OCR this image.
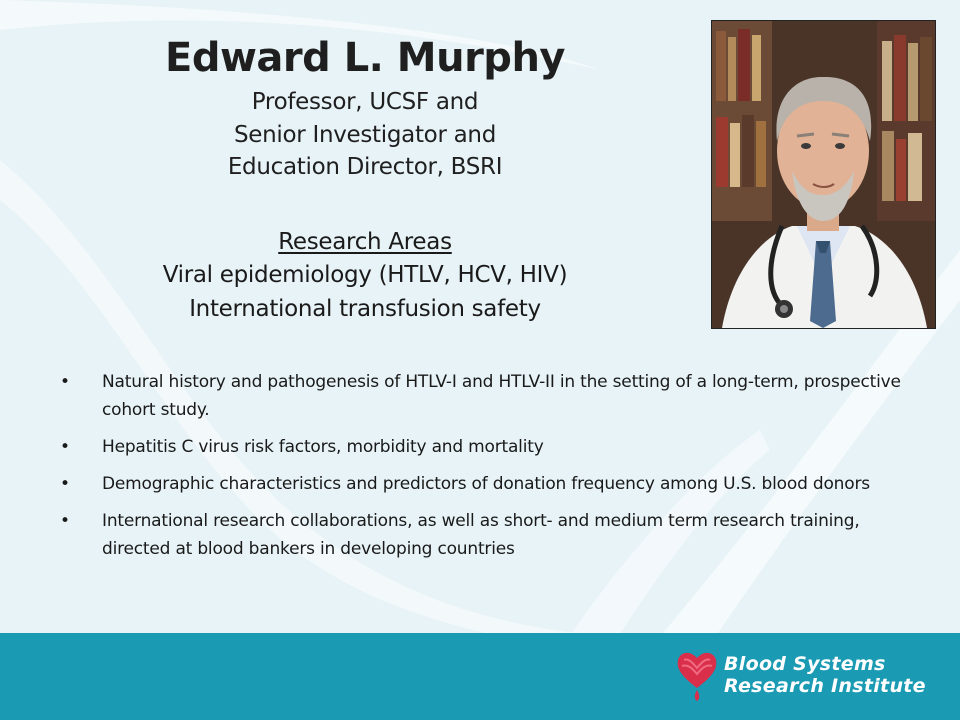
Edward L. Murphy

Professor, UCSF and

Senior Investigator and

Education Director, BSRI

Research Areas
Viral epidemiology (HTLV, HCV, HIV)
International transfusion safety
• Natural history and pathogenesis of HTLV-I and HTLV-II in the setting of a long-term, prospective cohort study.
• Hepatitis C virus risk factors, morbidity and mortality
• Demographic characteristics and predictors of donation frequency among U.S. blood donors
• International research collaborations, as well as short- and medium term research training, directed at blood bankers in developing countries
Blood Systems
Research Institute
